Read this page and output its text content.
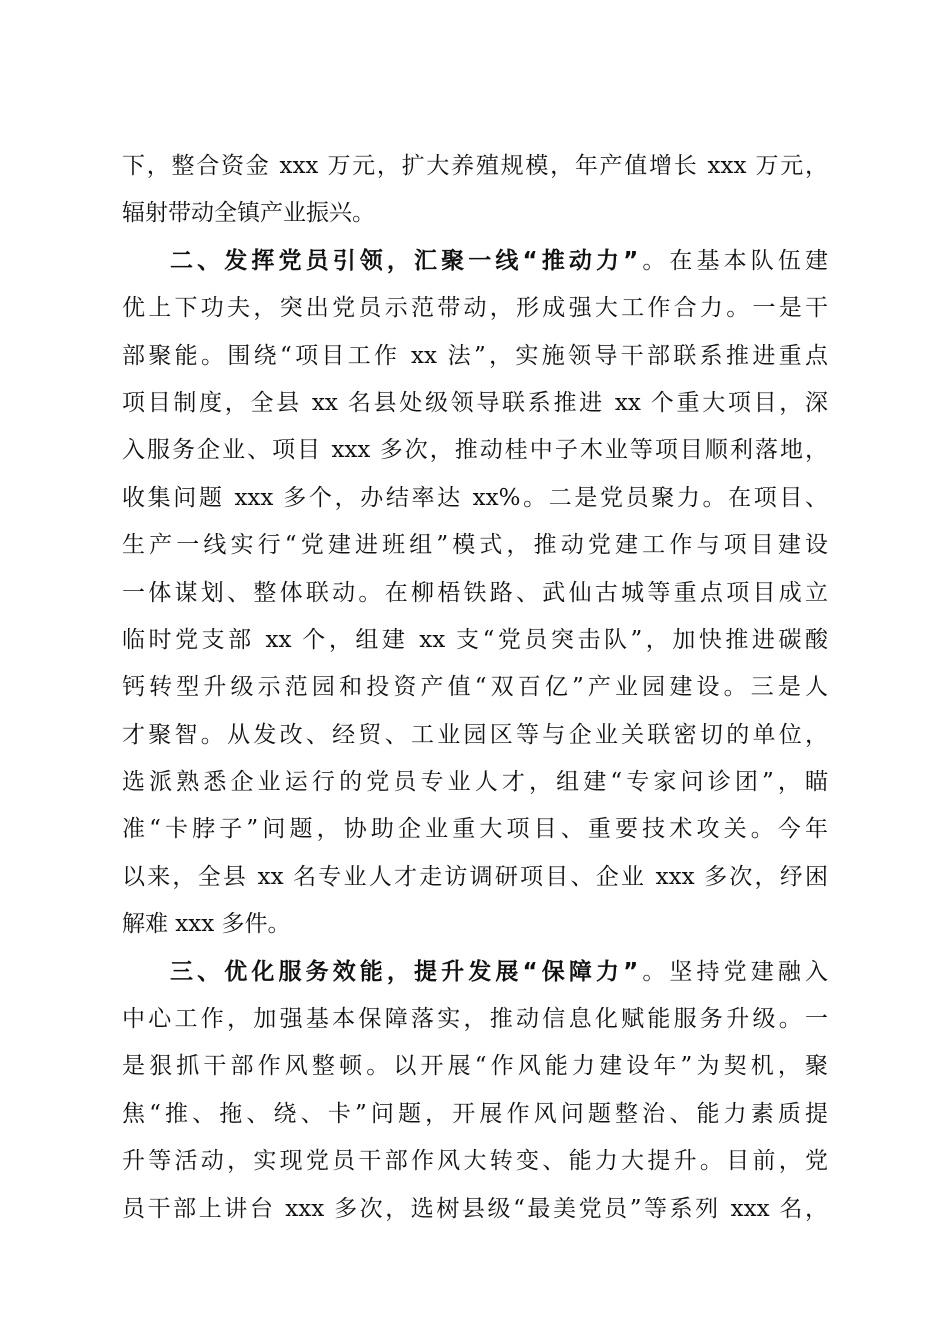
下，整合资金 xxx 万元，扩大养殖规模，年产值增长 xxx 万元，
辐射带动全镇产业振兴。
二、发挥党员引领，汇聚一线“推动力”。在基本队伍建
优上下功夫，突出党员示范带动，形成强大工作合力。一是干
部聚能。围绕“项目工作 xx 法”，实施领导干部联系推进重点
项目制度，全县 xx 名县处级领导联系推进 xx 个重大项目，深
入服务企业、项目 xxx 多次，推动桂中子木业等项目顺利落地，
收集问题 xxx 多个，办结率达 xx%。二是党员聚力。在项目、
生产一线实行“党建进班组”模式，推动党建工作与项目建设
一体谋划、整体联动。在柳梧铁路、武仙古城等重点项目成立
临时党支部 xx 个，组建 xx 支“党员突击队”，加快推进碳酸
钙转型升级示范园和投资产值“双百亿”产业园建设。三是人
才聚智。从发改、经贸、工业园区等与企业关联密切的单位，
选派熟悉企业运行的党员专业人才，组建“专家问诊团”，瞄
准“卡脖子”问题，协助企业重大项目、重要技术攻关。今年
以来，全县 xx 名专业人才走访调研项目、企业 xxx 多次，纾困
解难 xxx 多件。
三、优化服务效能，提升发展“保障力”。坚持党建融入
中心工作，加强基本保障落实，推动信息化赋能服务升级。一
是狠抓干部作风整顿。以开展“作风能力建设年”为契机，聚
焦“推、拖、绕、卡”问题，开展作风问题整治、能力素质提
升等活动，实现党员干部作风大转变、能力大提升。目前，党
员干部上讲台 xxx 多次，选树县级“最美党员”等系列 xxx 名，
